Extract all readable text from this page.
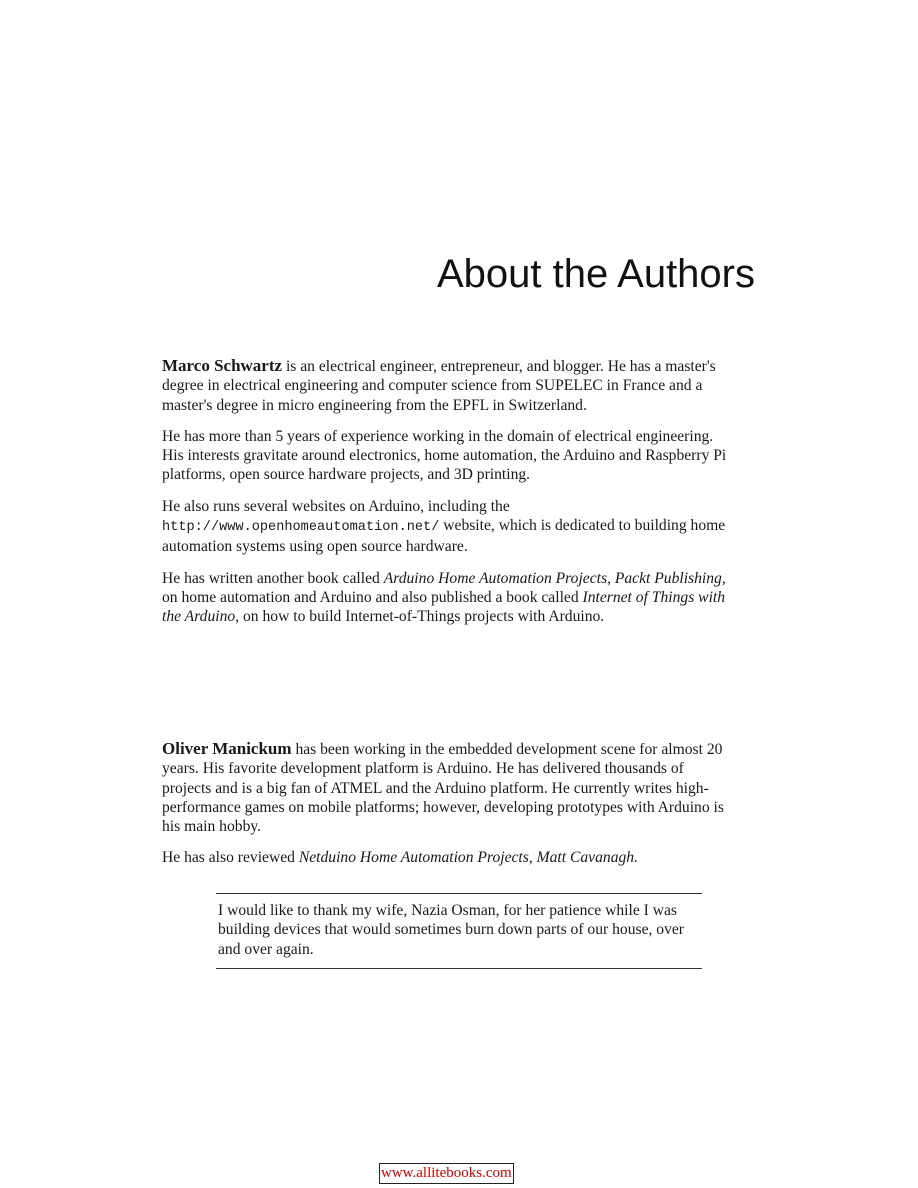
About the Authors

Marco Schwartz is an electrical engineer, entrepreneur, and blogger. He has a master's degree in electrical engineering and computer science from SUPELEC in France and a master's degree in micro engineering from the EPFL in Switzerland.

He has more than 5 years of experience working in the domain of electrical engineering. His interests gravitate around electronics, home automation, the Arduino and Raspberry Pi platforms, open source hardware projects, and 3D printing.

He also runs several websites on Arduino, including the http://www.openhomeautomation.net/ website, which is dedicated to building home automation systems using open source hardware.

He has written another book called Arduino Home Automation Projects, Packt Publishing, on home automation and Arduino and also published a book called Internet of Things with the Arduino, on how to build Internet-of-Things projects with Arduino.

Oliver Manickum has been working in the embedded development scene for almost 20 years. His favorite development platform is Arduino. He has delivered thousands of projects and is a big fan of ATMEL and the Arduino platform. He currently writes high-performance games on mobile platforms; however, developing prototypes with Arduino is his main hobby.

He has also reviewed Netduino Home Automation Projects, Matt Cavanagh.

I would like to thank my wife, Nazia Osman, for her patience while I was building devices that would sometimes burn down parts of our house, over and over again.

www.allitebooks.com
